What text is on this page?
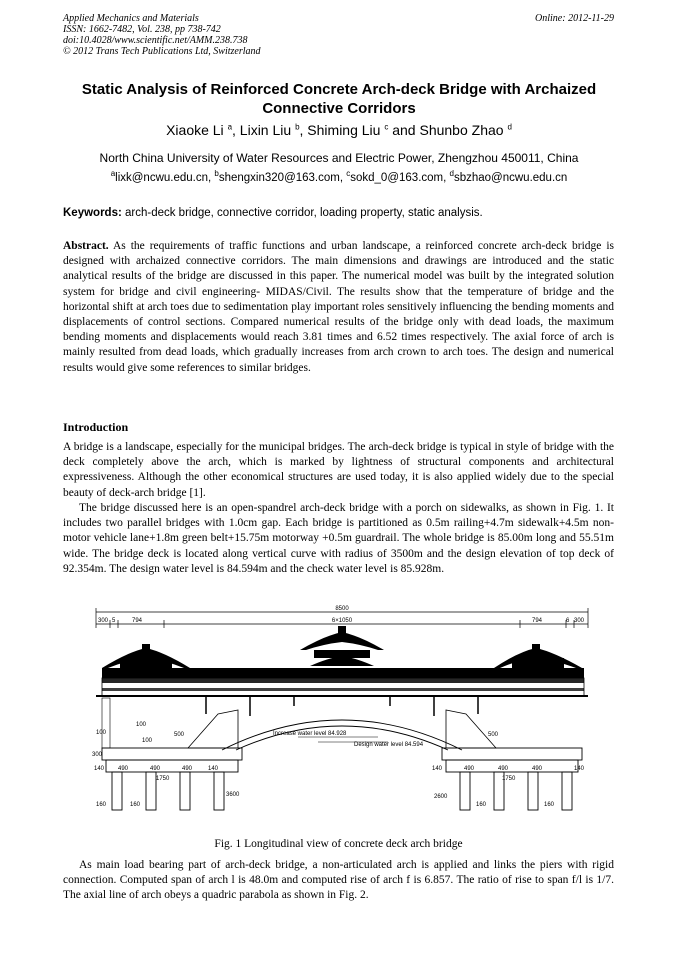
Applied Mechanics and Materials
ISSN: 1662-7482, Vol. 238, pp 738-742
doi:10.4028/www.scientific.net/AMM.238.738
© 2012 Trans Tech Publications Ltd, Switzerland
Online: 2012-11-29
Static Analysis of Reinforced Concrete Arch-deck Bridge with Archaized Connective Corridors
Xiaoke Li $^a$, Lixin Liu $^b$, Shiming Liu $^c$ and Shunbo Zhao $^d$
North China University of Water Resources and Electric Power, Zhengzhou 450011, China
$^a$lixk@ncwu.edu.cn, $^b$shengxin320@163.com, $^c$sokd_0@163.com, $^d$sbzhao@ncwu.edu.cn
Keywords: arch-deck bridge, connective corridor, loading property, static analysis.
Abstract. As the requirements of traffic functions and urban landscape, a reinforced concrete arch-deck bridge is designed with archaized connective corridors. The main dimensions and drawings are introduced and the static analytical results of the bridge are discussed in this paper. The numerical model was built by the integrated solution system for bridge and civil engineering- MIDAS/Civil. The results show that the temperature of bridge and the horizontal shift at arch toes due to sedimentation play important roles sensitively influencing the bending moments and displacements of control sections. Compared numerical results of the bridge only with dead loads, the maximum bending moments and displacements would reach 3.81 times and 6.52 times respectively. The axial force of arch is mainly resulted from dead loads, which gradually increases from arch crown to arch toes. The design and numerical results would give some references to similar bridges.
Introduction
A bridge is a landscape, especially for the municipal bridges. The arch-deck bridge is typical in style of bridge with the deck completely above the arch, which is marked by lightness of structural components and architectural expressiveness. Although the other economical structures are used today, it is also applied widely due to the special beauty of deck-arch bridge [1].
The bridge discussed here is an open-spandrel arch-deck bridge with a porch on sidewalks, as shown in Fig. 1. It includes two parallel bridges with 1.0cm gap. Each bridge is partitioned as 0.5m railing+4.7m sidewalk+4.5m non-motor vehicle lane+1.8m green belt+15.75m motorway +0.5m guardrail. The whole bridge is 85.00m long and 55.51m wide. The bridge deck is located along vertical curve with radius of 3500m and the design elevation of top deck of 92.354m. The design water level is 84.594m and the check water level is 85.928m.
8500
300 5	794	6×1050	794	6 300
Increase water level 84.928
Design water level 84.594
100
100
500
100
140 490	490	490	140
1750
160	160
300
3600
500
140	490	490	490	140
1750
160	160
2600
Fig. 1 Longitudinal view of concrete deck arch bridge
As main load bearing part of arch-deck bridge, a non-articulated arch is applied and links the piers with rigid connection. Computed span of arch l is 48.0m and computed rise of arch f is 6.857. The ratio of rise to span f/l is 1/7. The axial line of arch obeys a quadric parabola as shown in Fig. 2.
